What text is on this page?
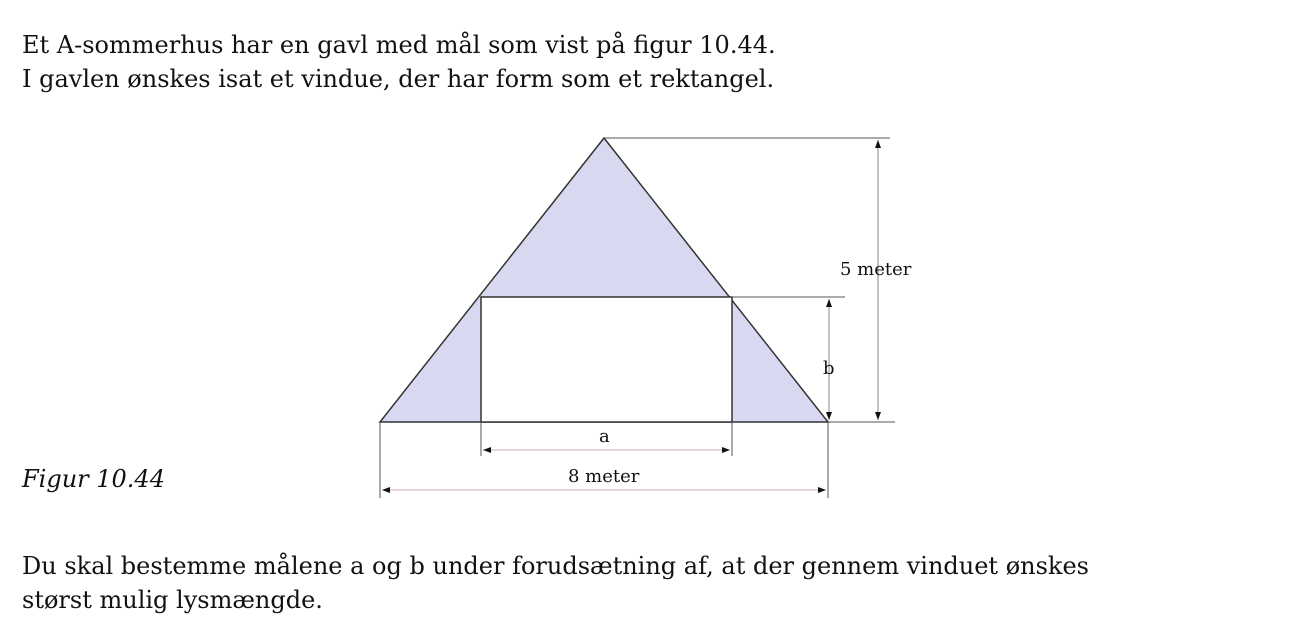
Et A-sommerhus har en gavl med mål som vist på figur 10.44.
I gavlen ønskes isat et vindue, der har form som et rektangel.

5 meter
b
a
8 meter
Figur 10.44

Du skal bestemme målene a og b under forudsætning af, at der gennem vinduet ønskes
størst mulig lysmængde.
